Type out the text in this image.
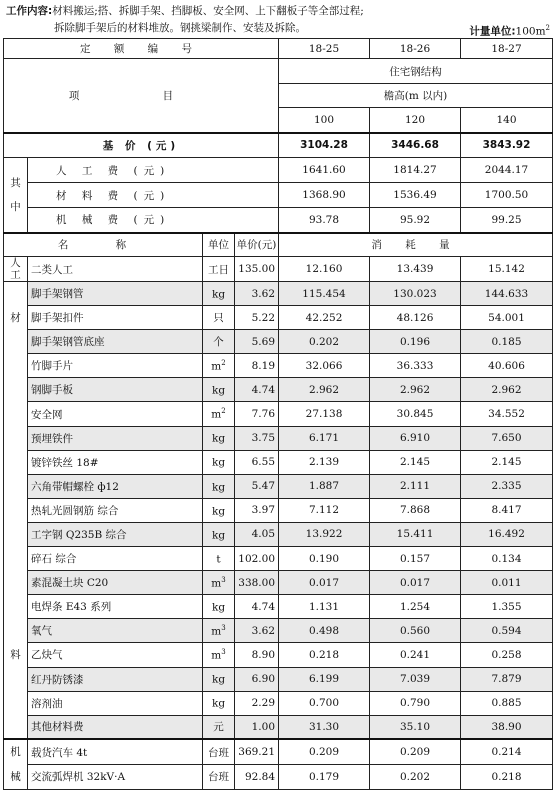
工作内容:材料搬运;搭、拆脚手架、挡脚板、安全网、上下翻板子等全部过程;
拆除脚手架后的材料堆放。钢挑梁制作、安装及拆除。	计量单位$:100m^2$
定 额 编 号				18-25	18-26	18-27
项 目				住宅钢结构		
				檐高(m 以内)		
				100	120	140
基 价 (元)				3104.28	3446.68	3843.92
其

中	人 工 费 (元)			1641.60	1814.27	2044.17
	材 料 费 (元)			1368.90	1536.49	1700.50
	机 械 费 (元)			93.78	95.92	99.25
名 称		单位	单价(元)	消 耗 量		
人
工	二类人工	工日	135.00	12.160	13.439	15.142

材
料	脚手架钢管	kg	3.62	115.454	130.023	144.633
	脚手架扣件	只	5.22	42.252	48.126	54.001
	脚手架钢管底座	个	5.69	0.202	0.196	0.185
	竹脚手片	$m^2$	8.19	32.066	36.333	40.606
	钢脚手板	kg	4.74	2.962	2.962	2.962
	安全网	$m^2$	7.76	27.138	30.845	34.552
	预埋铁件	kg	3.75	6.171	6.910	7.650
	镀锌铁丝 18#	kg	6.55	2.139	2.145	2.145
	六角带帽螺栓 ф12	kg	5.47	1.887	2.111	2.335
	热轧光圆钢筋 综合	kg	3.97	7.112	7.868	8.417
	工字钢 Q235B 综合	kg	4.05	13.922	15.411	16.492
	碎石 综合	t	102.00	0.190	0.157	0.134
	素混凝土块 C20	$m^3$	338.00	0.017	0.017	0.011
	电焊条 E43 系列	kg	4.74	1.131	1.254	1.355
	氧气	$m^3$	3.62	0.498	0.560	0.594
	乙炔气	$m^3$	8.90	0.218	0.241	0.258
	红丹防锈漆	kg	6.90	6.199	7.039	7.879
	溶剂油	kg	2.29	0.700	0.790	0.885
	其他材料费	元	1.00	31.30	35.10	38.90
机	载货汽车 4t	台班	369.21	0.209	0.209	0.214
械	交流弧焊机 32kV·A	台班	92.84	0.179	0.202	0.218
